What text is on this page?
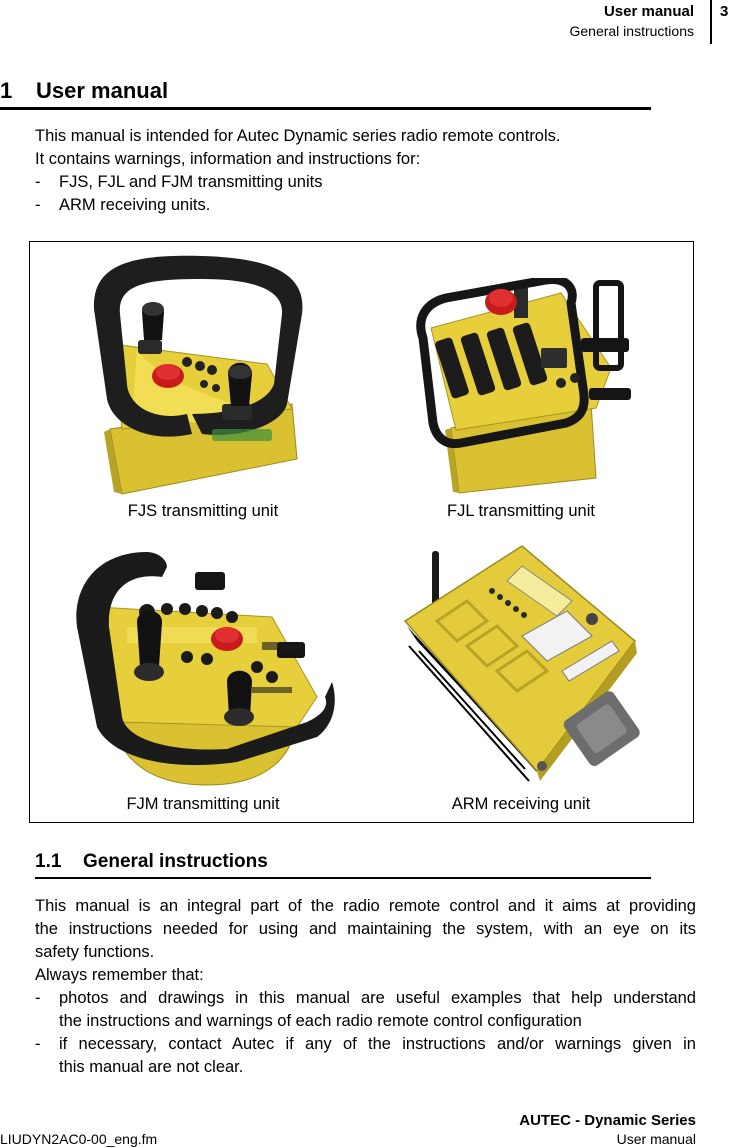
User manual
General instructions
3
1 User manual
This manual is intended for Autec Dynamic series radio remote controls.
It contains warnings, information and instructions for:
- FJS, FJL and FJM transmitting units
- ARM receiving units.
FJS transmitting unit	FJL transmitting unit
FJM transmitting unit	ARM receiving unit
1.1 General instructions
This manual is an integral part of the radio remote control and it aims at providing
the instructions needed for using and maintaining the system, with an eye on its
safety functions.
Always remember that:
- photos and drawings in this manual are useful examples that help understand
the instructions and warnings of each radio remote control configuration
- if necessary, contact Autec if any of the instructions and/or warnings given in
this manual are not clear.
AUTEC - Dynamic Series
LIUDYN2AC0-00_eng.fm	User manual
